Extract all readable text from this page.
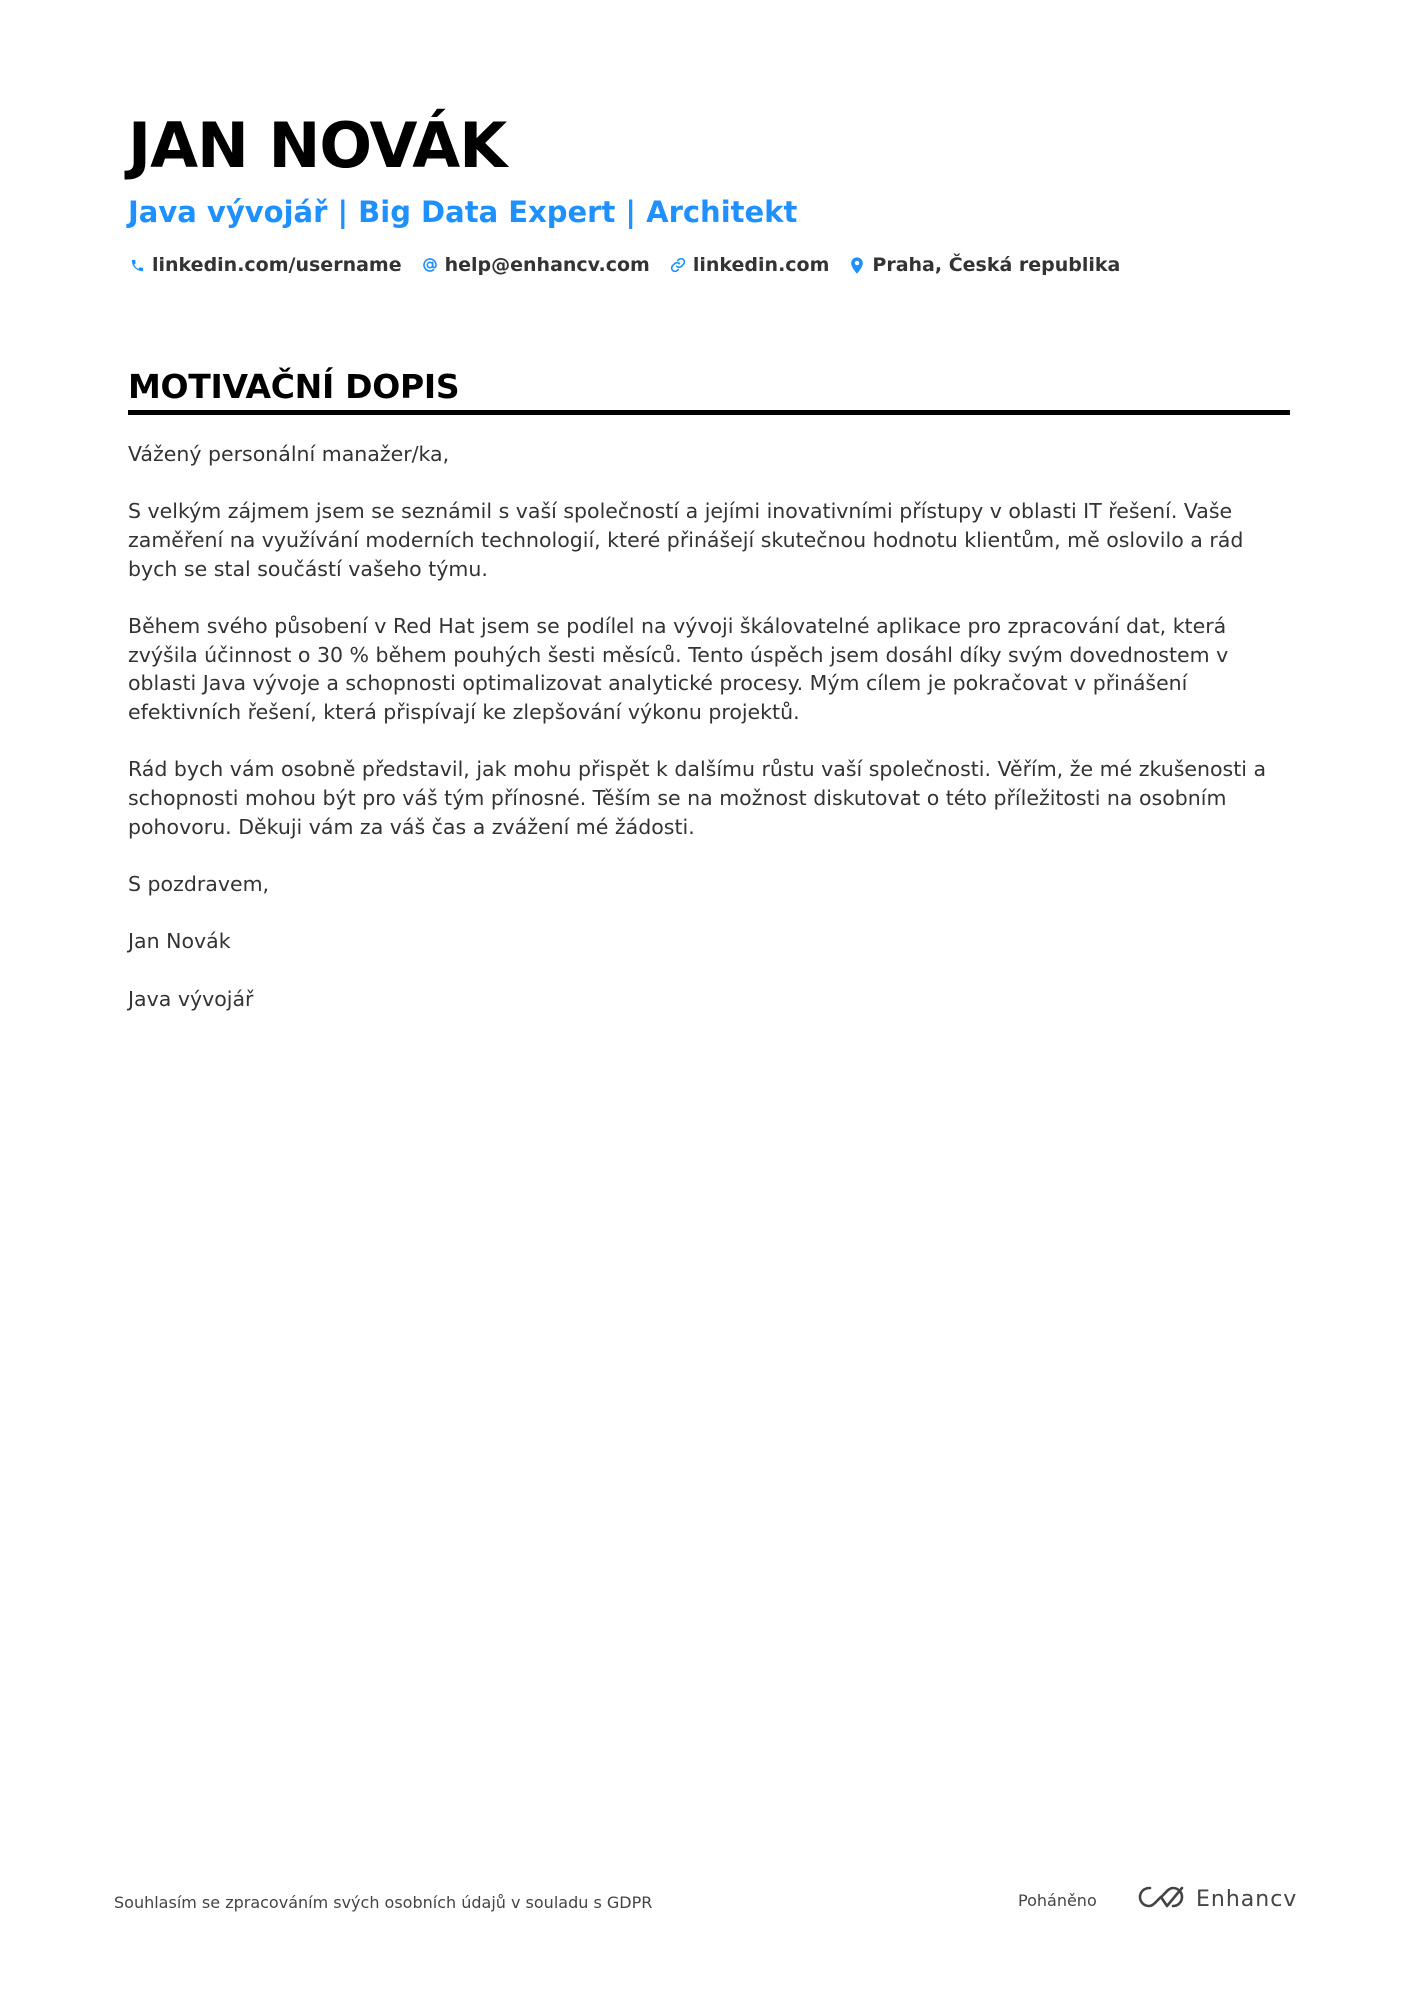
JAN NOVÁK
Java vývojář | Big Data Expert | Architekt
linkedin.com/username help@enhancv.com linkedin.com Praha, Česká republika
MOTIVAČNÍ DOPIS

Vážený personální manažer/ka,

S velkým zájmem jsem se seznámil s vaší společností a jejími inovativními přístupy v oblasti IT řešení. Vaše zaměření na využívání moderních technologií, které přinášejí skutečnou hodnotu klientům, mě oslovilo a rád bych se stal součástí vašeho týmu.

Během svého působení v Red Hat jsem se podílel na vývoji škálovatelné aplikace pro zpracování dat, která zvýšila účinnost o 30 % během pouhých šesti měsíců. Tento úspěch jsem dosáhl díky svým dovednostem v oblasti Java vývoje a schopnosti optimalizovat analytické procesy. Mým cílem je pokračovat v přinášení efektivních řešení, která přispívají ke zlepšování výkonu projektů.

Rád bych vám osobně představil, jak mohu přispět k dalšímu růstu vaší společnosti. Věřím, že mé zkušenosti a schopnosti mohou být pro váš tým přínosné. Těším se na možnost diskutovat o této příležitosti na osobním pohovoru. Děkuji vám za váš čas a zvážení mé žádosti.

S pozdravem,

Jan Novák

Java vývojář

Souhlasím se zpracováním svých osobních údajů v souladu s GDPR	Poháněno	Enhancv
